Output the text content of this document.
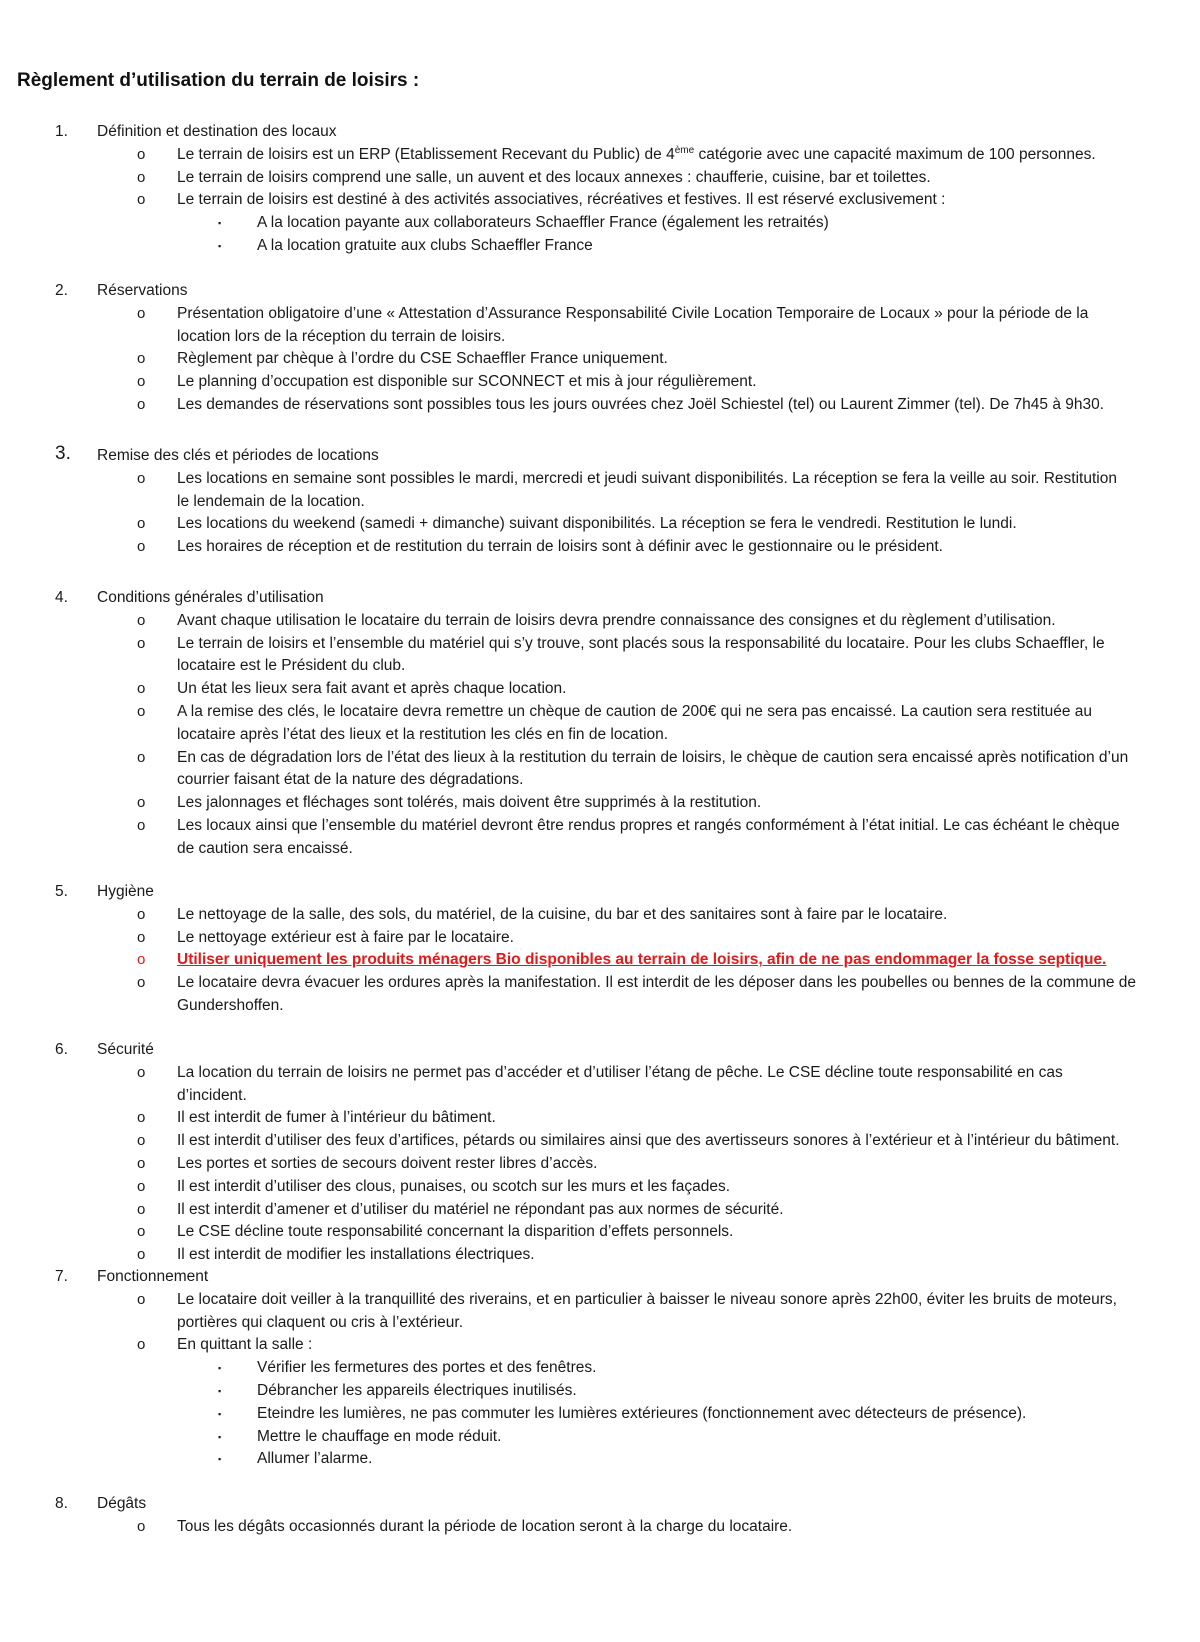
Règlement d’utilisation du terrain de loisirs :
1. Définition et destination des locaux
o Le terrain de loisirs est un ERP (Etablissement Recevant du Public) de 4ème catégorie avec une capacité maximum de 100 personnes.
o Le terrain de loisirs comprend une salle, un auvent et des locaux annexes : chaufferie, cuisine, bar et toilettes.
o Le terrain de loisirs est destiné à des activités associatives, récréatives et festives. Il est réservé exclusivement :
▪ A la location payante aux collaborateurs Schaeffler France (également les retraités)
▪ A la location gratuite aux clubs Schaeffler France
2. Réservations
o Présentation obligatoire d’une « Attestation d’Assurance Responsabilité Civile Location Temporaire de Locaux » pour la période de la
location lors de la réception du terrain de loisirs.
o Règlement par chèque à l’ordre du CSE Schaeffler France uniquement.
o Le planning d’occupation est disponible sur SCONNECT et mis à jour régulièrement.
o Les demandes de réservations sont possibles tous les jours ouvrées chez Joël Schiestel (tel) ou Laurent Zimmer (tel). De 7h45 à 9h30.
3. Remise des clés et périodes de locations
o Les locations en semaine sont possibles le mardi, mercredi et jeudi suivant disponibilités. La réception se fera la veille au soir. Restitution
le lendemain de la location.
o Les locations du weekend (samedi + dimanche) suivant disponibilités. La réception se fera le vendredi. Restitution le lundi.
o Les horaires de réception et de restitution du terrain de loisirs sont à définir avec le gestionnaire ou le président.
4. Conditions générales d’utilisation
o Avant chaque utilisation le locataire du terrain de loisirs devra prendre connaissance des consignes et du règlement d’utilisation.
o Le terrain de loisirs et l’ensemble du matériel qui s’y trouve, sont placés sous la responsabilité du locataire. Pour les clubs Schaeffler, le
locataire est le Président du club.
o Un état les lieux sera fait avant et après chaque location.
o A la remise des clés, le locataire devra remettre un chèque de caution de 200€ qui ne sera pas encaissé. La caution sera restituée au
locataire après l’état des lieux et la restitution les clés en fin de location.
o En cas de dégradation lors de l’état des lieux à la restitution du terrain de loisirs, le chèque de caution sera encaissé après notification d’un
courrier faisant état de la nature des dégradations.
o Les jalonnages et fléchages sont tolérés, mais doivent être supprimés à la restitution.
o Les locaux ainsi que l’ensemble du matériel devront être rendus propres et rangés conformément à l’état initial. Le cas échéant le chèque
de caution sera encaissé.
5. Hygiène
o Le nettoyage de la salle, des sols, du matériel, de la cuisine, du bar et des sanitaires sont à faire par le locataire.
o Le nettoyage extérieur est à faire par le locataire.
o Utiliser uniquement les produits ménagers Bio disponibles au terrain de loisirs, afin de ne pas endommager la fosse septique.
o Le locataire devra évacuer les ordures après la manifestation. Il est interdit de les déposer dans les poubelles ou bennes de la commune de
Gundershoffen.
6. Sécurité
o La location du terrain de loisirs ne permet pas d’accéder et d’utiliser l’étang de pêche. Le CSE décline toute responsabilité en cas
d’incident.
o Il est interdit de fumer à l’intérieur du bâtiment.
o Il est interdit d’utiliser des feux d’artifices, pétards ou similaires ainsi que des avertisseurs sonores à l’extérieur et à l’intérieur du bâtiment.
o Les portes et sorties de secours doivent rester libres d’accès.
o Il est interdit d’utiliser des clous, punaises, ou scotch sur les murs et les façades.
o Il est interdit d’amener et d’utiliser du matériel ne répondant pas aux normes de sécurité.
o Le CSE décline toute responsabilité concernant la disparition d’effets personnels.
o Il est interdit de modifier les installations électriques.
7. Fonctionnement
o Le locataire doit veiller à la tranquillité des riverains, et en particulier à baisser le niveau sonore après 22h00, éviter les bruits de moteurs,
portières qui claquent ou cris à l’extérieur.
o En quittant la salle :
▪ Vérifier les fermetures des portes et des fenêtres.
▪ Débrancher les appareils électriques inutilisés.
▪ Eteindre les lumières, ne pas commuter les lumières extérieures (fonctionnement avec détecteurs de présence).
▪ Mettre le chauffage en mode réduit.
▪ Allumer l’alarme.
8. Dégâts
o Tous les dégâts occasionnés durant la période de location seront à la charge du locataire.
